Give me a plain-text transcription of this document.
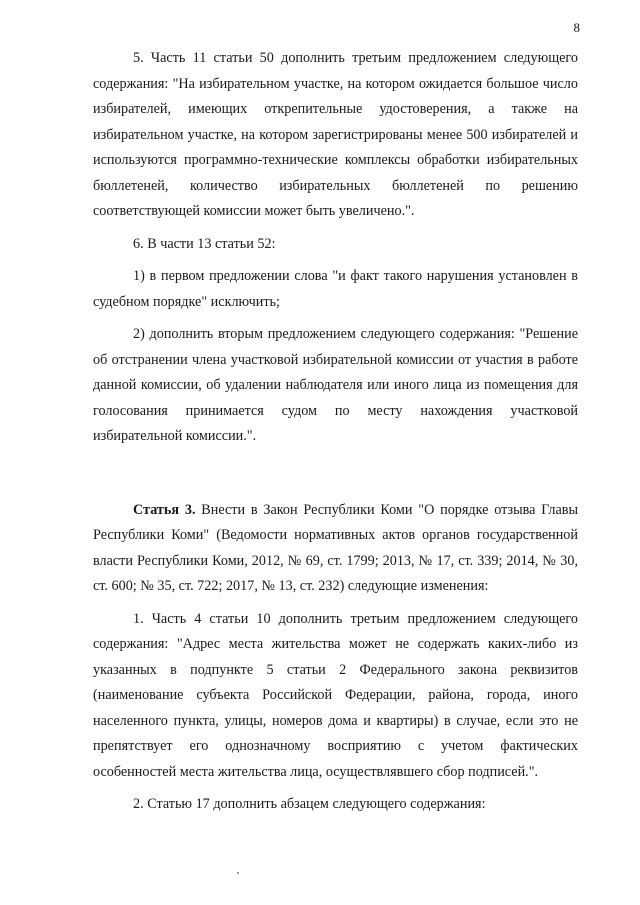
8

5. Часть 11 статьи 50 дополнить третьим предложением следующего содержания: "На избирательном участке, на котором ожидается большое число избирателей, имеющих открепительные удостоверения, а также на избирательном участке, на котором зарегистрированы менее 500 избирателей и используются программно-технические комплексы обработки избирательных бюллетеней, количество избирательных бюллетеней по решению соответствующей комиссии может быть увеличено.".

6. В части 13 статьи 52:

1) в первом предложении слова "и факт такого нарушения установлен в судебном порядке" исключить;

2) дополнить вторым предложением следующего содержания: "Решение об отстранении члена участковой избирательной комиссии от участия в работе данной комиссии, об удалении наблюдателя или иного лица из помещения для голосования принимается судом по месту нахождения участковой избирательной комиссии.".

Статья 3. Внести в Закон Республики Коми "О порядке отзыва Главы Республики Коми" (Ведомости нормативных актов органов государственной власти Республики Коми, 2012, № 69, ст. 1799; 2013, № 17, ст. 339; 2014, № 30, ст. 600; № 35, ст. 722; 2017, № 13, ст. 232) следующие изменения:

1. Часть 4 статьи 10 дополнить третьим предложением следующего содержания: "Адрес места жительства может не содержать каких-либо из указанных в подпункте 5 статьи 2 Федерального закона реквизитов (наименование субъекта Российской Федерации, района, города, иного населенного пункта, улицы, номеров дома и квартиры) в случае, если это не препятствует его однозначному восприятию с учетом фактических особенностей места жительства лица, осуществлявшего сбор подписей.".

2. Статью 17 дополнить абзацем следующего содержания:
